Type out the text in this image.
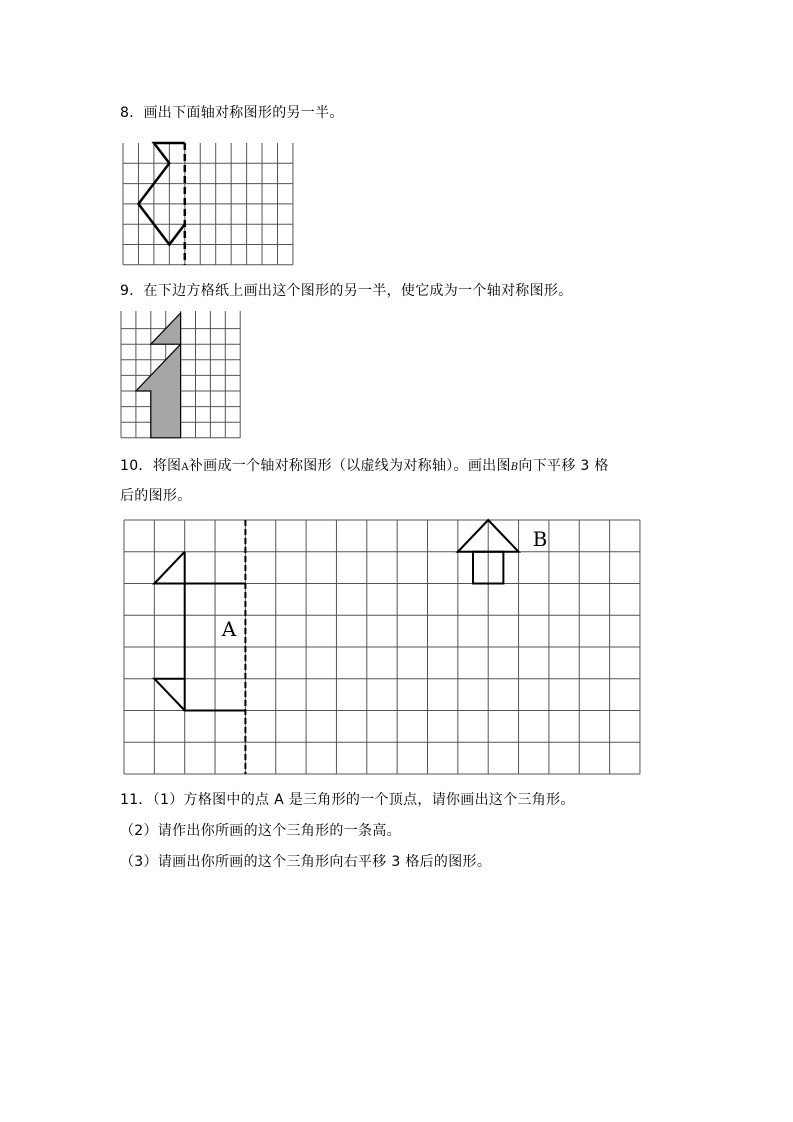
8．画出下面轴对称图形的另一半。
9．在下边方格纸上画出这个图形的另一半，使它成为一个轴对称图形。
10．将图A补画成一个轴对称图形（以虚线为对称轴）。画出图B向下平移 3 格
后的图形。
A
B
11．（1）方格图中的点 A 是三角形的一个顶点，请你画出这个三角形。
（2）请作出你所画的这个三角形的一条高。
（3）请画出你所画的这个三角形向右平移 3 格后的图形。
